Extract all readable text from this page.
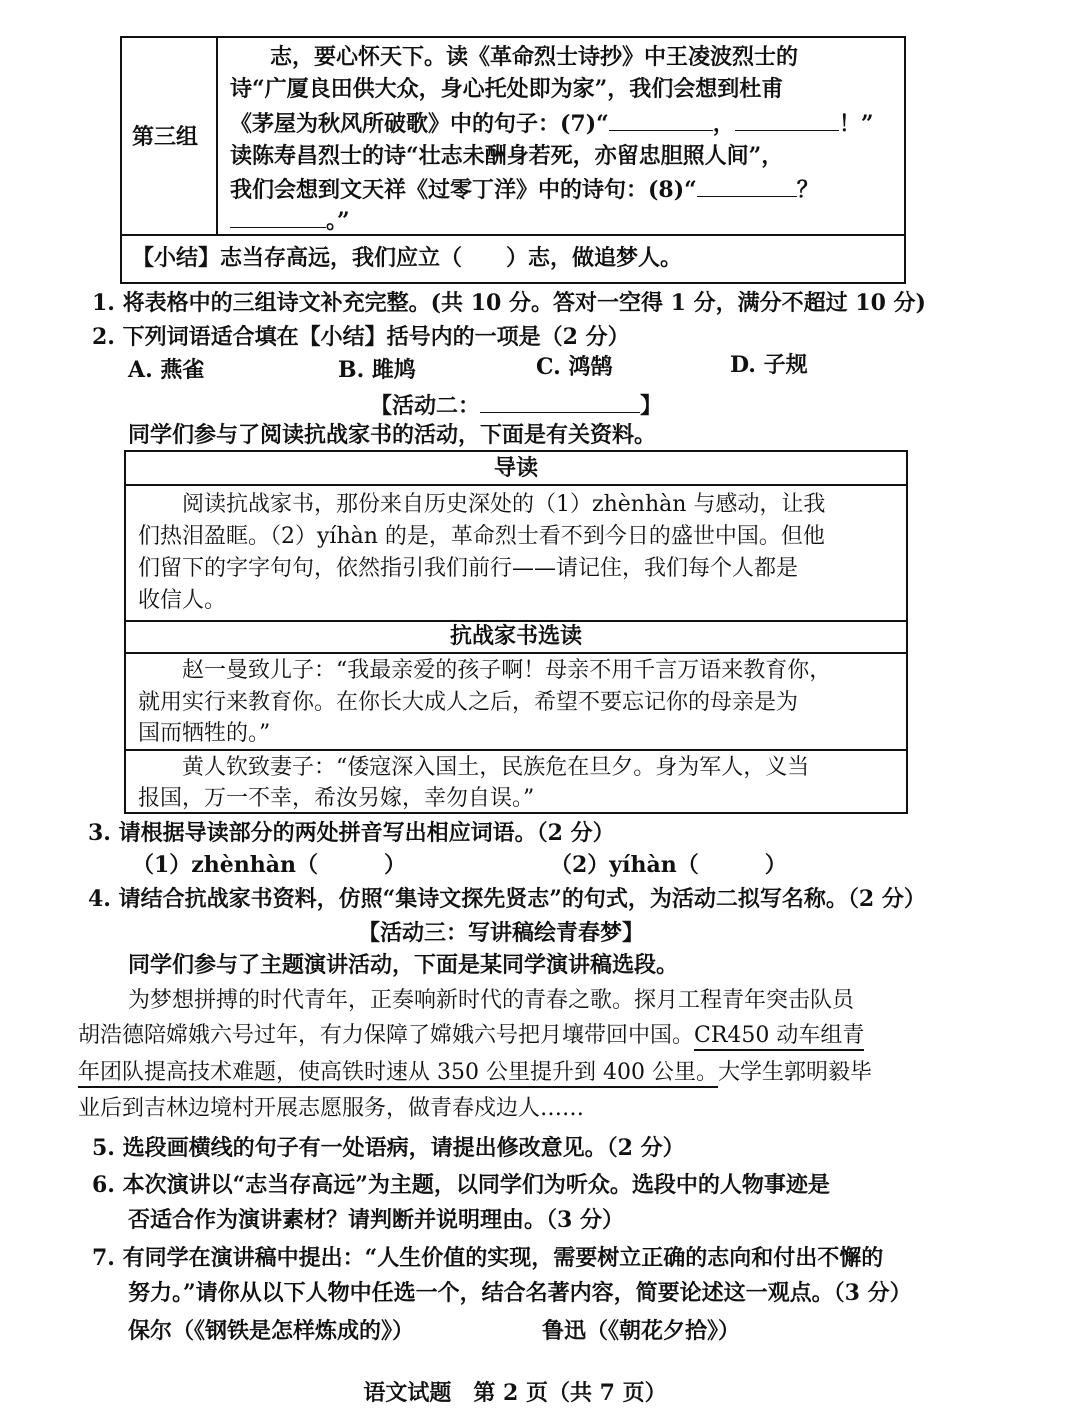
第三组
志，要心怀天下。读《革命烈士诗抄》中王凌波烈士的
诗“广厦良田供大众，身心托处即为家”，我们会想到杜甫
《茅屋为秋风所破歌》中的句子：(7)“	，	！”
读陈寿昌烈士的诗“壮志未酬身若死，亦留忠胆照人间”，
我们会想到文天祥《过零丁洋》中的诗句：(8)“	？
。”
【小结】志当存高远，我们应立（　　）志，做追梦人。
1. 将表格中的三组诗文补充完整。(共 10 分。答对一空得 1 分，满分不超过 10 分)
2. 下列词语适合填在【小结】括号内的一项是（2 分）
A. 燕雀	B. 雎鸠	C. 鸿鹄	D. 子规
【活动二：	】
同学们参与了阅读抗战家书的活动，下面是有关资料。
导读
阅读抗战家书，那份来自历史深处的（1）zhènhàn 与感动，让我
们热泪盈眶。（2）yíhàn 的是，革命烈士看不到今日的盛世中国。但他
们留下的字字句句，依然指引我们前行——请记住，我们每个人都是
收信人。
抗战家书选读
赵一曼致儿子：“我最亲爱的孩子啊！母亲不用千言万语来教育你，
就用实行来教育你。在你长大成人之后，希望不要忘记你的母亲是为
国而牺牲的。”
黄人钦致妻子：“倭寇深入国土，民族危在旦夕。身为军人，义当
报国，万一不幸，希汝另嫁，幸勿自误。”
3. 请根据导读部分的两处拼音写出相应词语。（2 分）
（1）zhènhàn（　　　）	（2）yíhàn（　　　）
4. 请结合抗战家书资料，仿照“集诗文探先贤志”的句式，为活动二拟写名称。（2 分）
【活动三：写讲稿绘青春梦】
同学们参与了主题演讲活动，下面是某同学演讲稿选段。
为梦想拼搏的时代青年，正奏响新时代的青春之歌。探月工程青年突击队员
胡浩德陪嫦娥六号过年，有力保障了嫦娥六号把月壤带回中国。CR450 动车组青
年团队提高技术难题，使高铁时速从 350 公里提升到 400 公里。大学生郭明毅毕
业后到吉林边境村开展志愿服务，做青春戍边人……
5. 选段画横线的句子有一处语病，请提出修改意见。（2 分）
6. 本次演讲以“志当存高远”为主题，以同学们为听众。选段中的人物事迹是
否适合作为演讲素材？请判断并说明理由。（3 分）
7. 有同学在演讲稿中提出：“人生价值的实现，需要树立正确的志向和付出不懈的
努力。”请你从以下人物中任选一个，结合名著内容，简要论述这一观点。（3 分）
保尔（《钢铁是怎样炼成的》）	鲁迅（《朝花夕拾》）
语文试题　第 2 页（共 7 页）
